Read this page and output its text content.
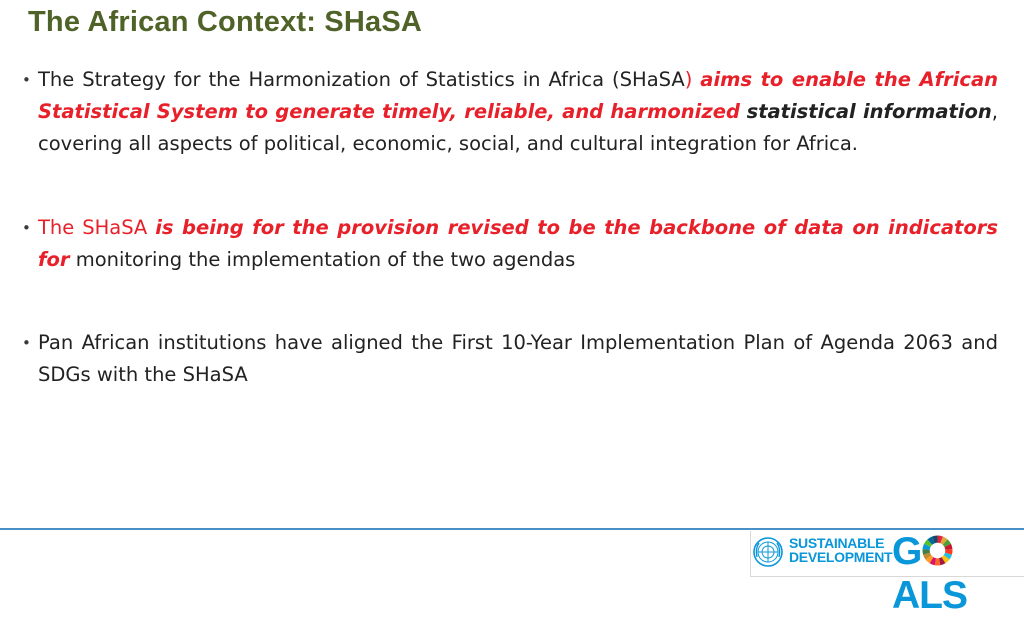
The African Context: SHaSA
• The Strategy for the Harmonization of Statistics in Africa (SHaSA) aims to enable the African Statistical System to generate timely, reliable, and harmonized statistical information, covering all aspects of political, economic, social, and cultural integration for Africa.
• The SHaSA is being for the provision revised to be the backbone of data on indicators for monitoring the implementation of the two agendas
• Pan African institutions have aligned the First 10-Year Implementation Plan of Agenda 2063 and SDGs with the SHaSA
SUSTAINABLE
DEVELOPMENT GALS
